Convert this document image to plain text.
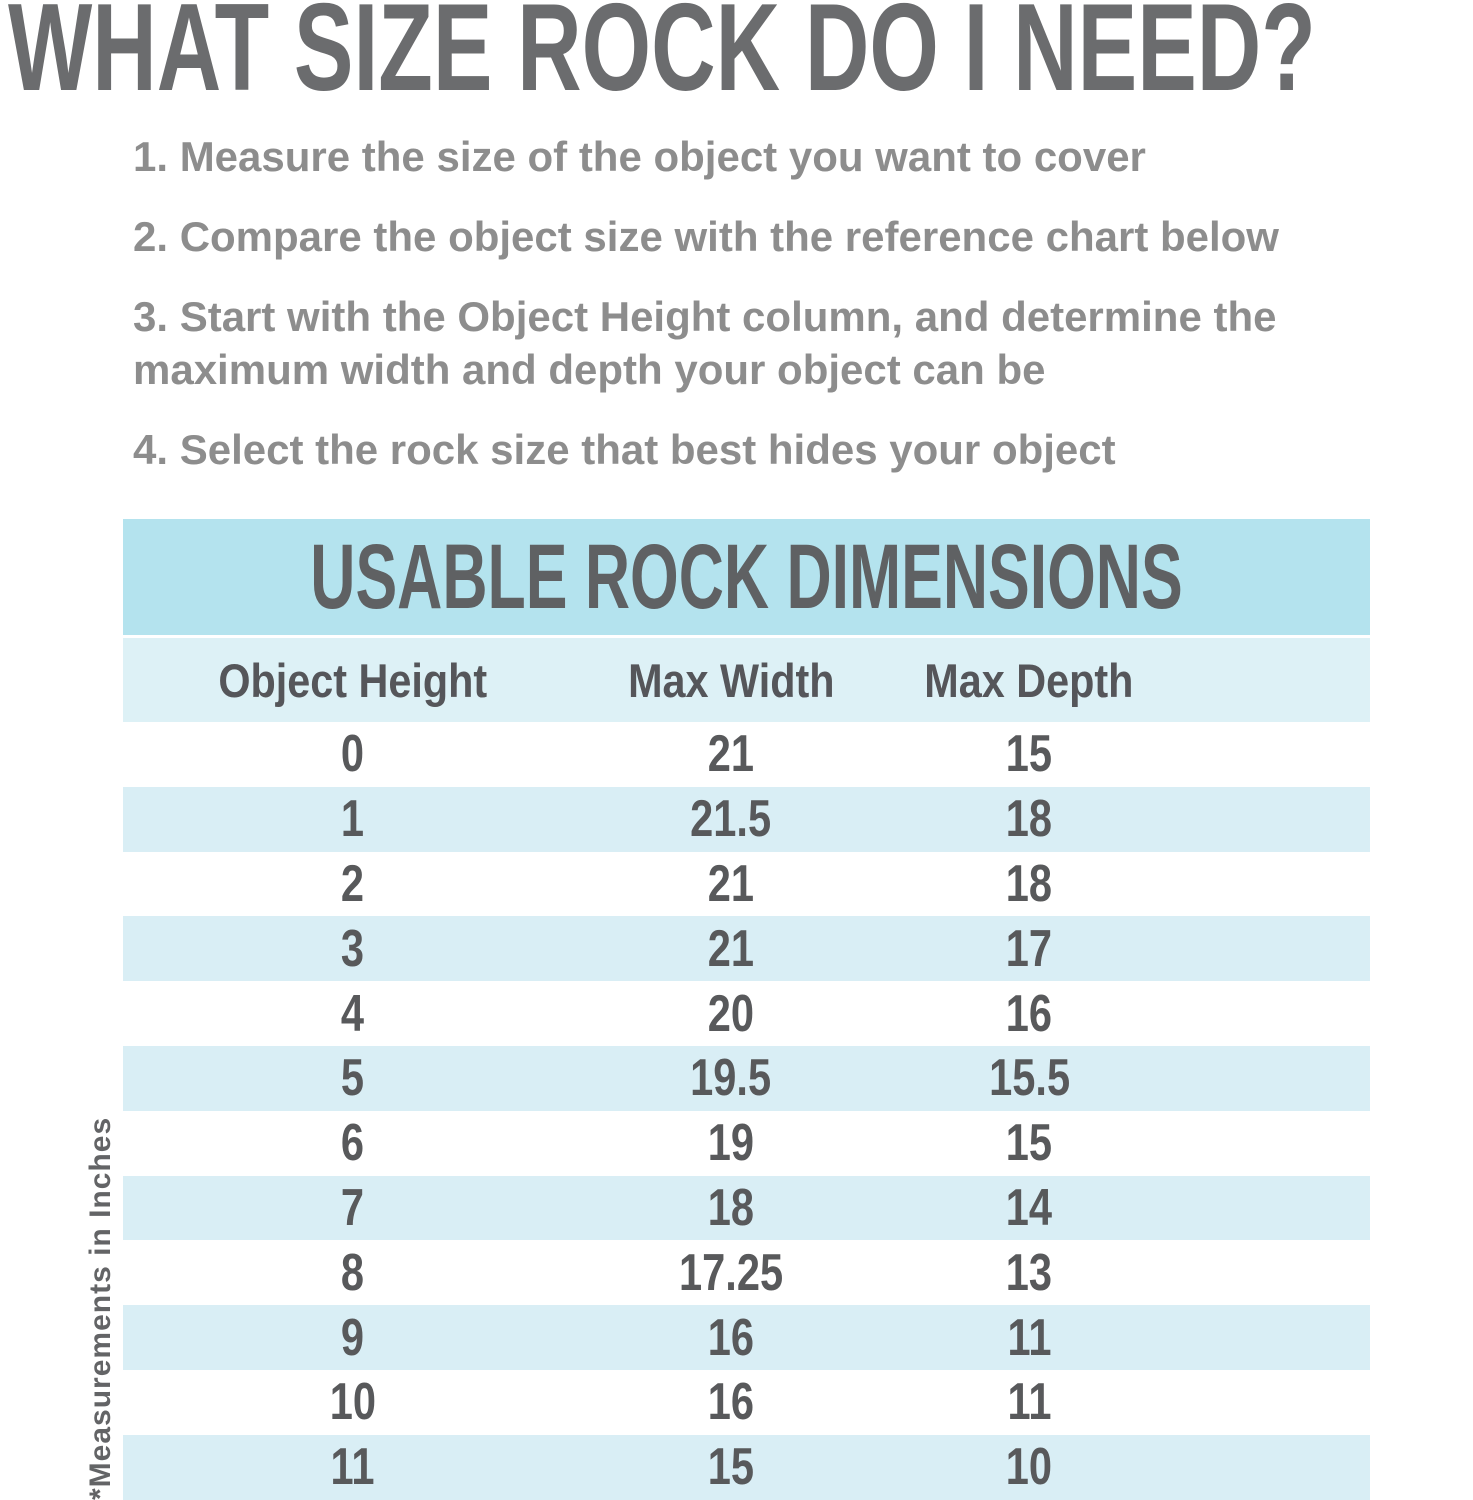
WHAT SIZE ROCK DO I NEED?
1. Measure the size of the object you want to cover
2. Compare the object size with the reference chart below
3. Start with the Object Height column, and determine the
maximum width and depth your object can be
4. Select the rock size that best hides your object
USABLE ROCK DIMENSIONS
Object Height	Max Width	Max Depth
0	21	15
1	21.5	18
2	21	18
3	21	17
4	20	16
5	19.5	15.5
6	19	15
7	18	14
8	17.25	13
9	16	11
10	16	11
11	15	10
*Measurements in Inches
